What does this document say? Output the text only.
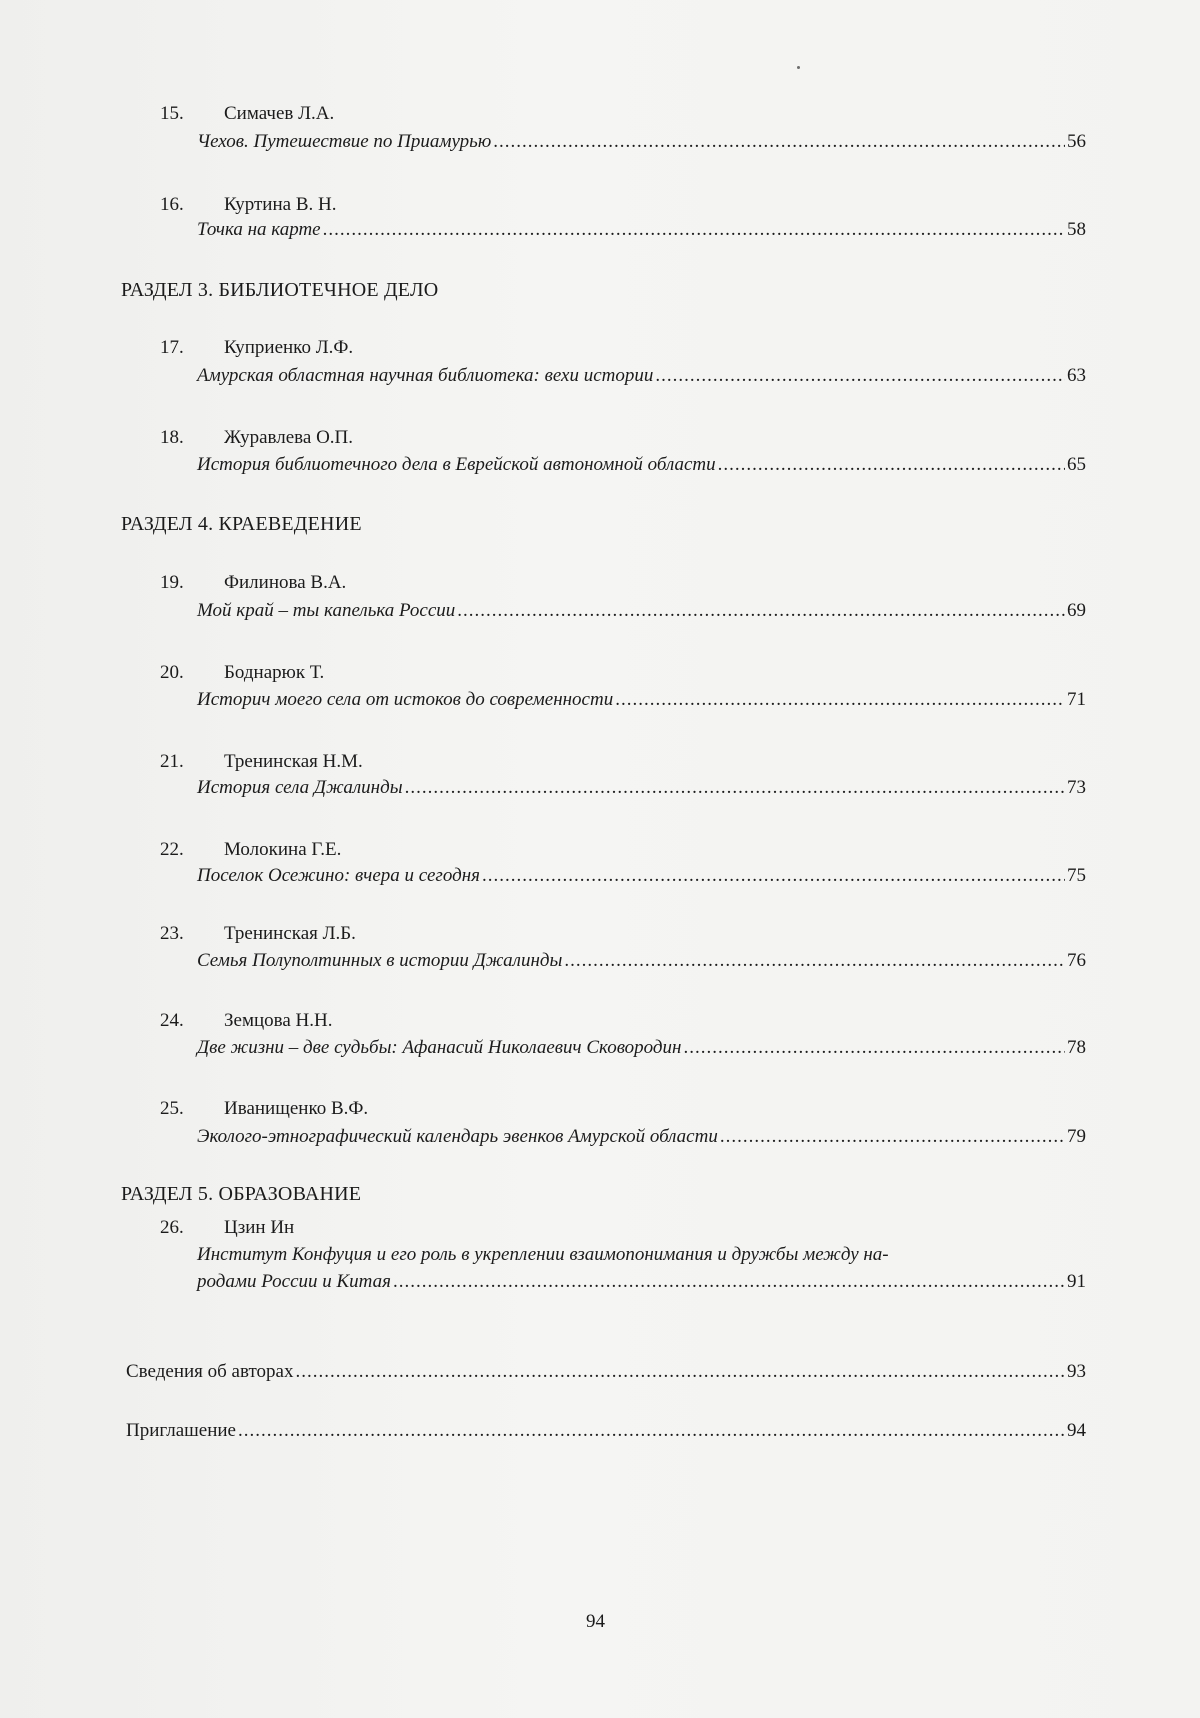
15. Симачев Л.А.
Чехов. Путешествие по Приамурью .....	56
16. Куртина В. Н.
Точка на карте .....	58
РАЗДЕЛ 3. БИБЛИОТЕЧНОЕ ДЕЛО
17. Куприенко Л.Ф.
Амурская областная научная библиотека: вехи истории .....	63
18. Журавлева О.П.
История библиотечного дела в Еврейской автономной области .....	65
РАЗДЕЛ 4. КРАЕВЕДЕНИЕ
19. Филинова В.А.
Мой край – ты капелька России .....	69
20. Боднарюк Т.
Историч моего села от истоков до современности .....	71
21. Тренинская Н.М.
История села Джалинды .....	73
22. Молокина Г.Е.
Поселок Осежино: вчера и сегодня .....	75
23. Тренинская Л.Б.
Семья Полуполтинных в истории Джалинды .....	76
24. Земцова Н.Н.
Две жизни – две судьбы: Афанасий Николаевич Сковородин .....	78
25. Иванищенко В.Ф.
Эколого-этнографический календарь эвенков Амурской области .....	79
РАЗДЕЛ 5. ОБРАЗОВАНИЕ
26. Цзин Ин
Институт Конфуция и его роль в укреплении взаимопонимания и дружбы между на-
родами России и Китая .....	91
Сведения об авторах .....	93
Приглашение .....	94
94
